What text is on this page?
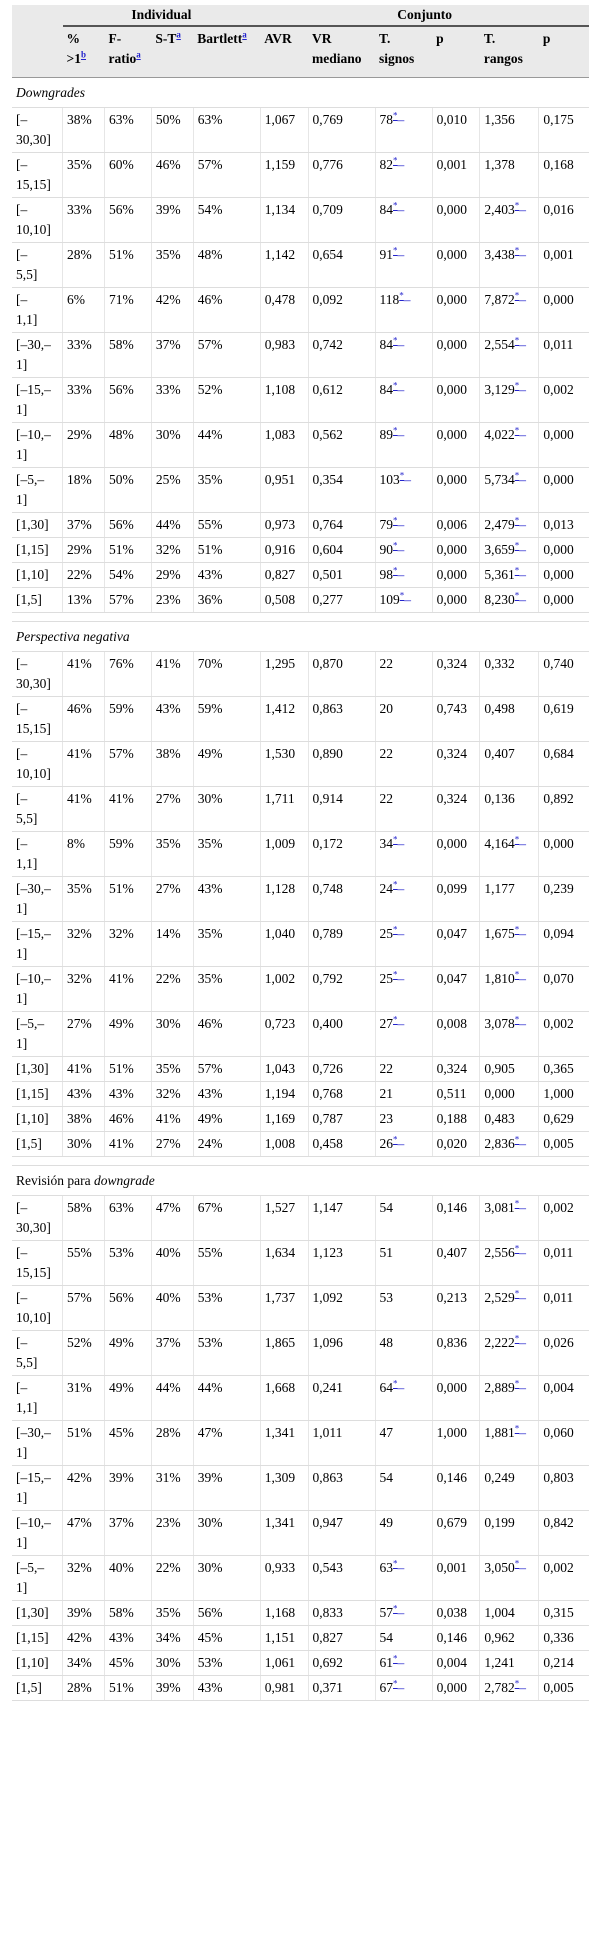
	Individual				Conjunto					
	% $>1^b$	F-ratio$^a$	$S-T^a$	Bartlett$^a$	AVR	VR mediano	T. signos	p	T. rangos	p
Downgrades										
[–
30,30]	38%	63%	50%	63%	1,067	0,769	78*–	0,010	1,356	0,175
[–
15,15]	35%	60%	46%	57%	1,159	0,776	82*–	0,001	1,378	0,168
[–
10,10]	33%	56%	39%	54%	1,134	0,709	84*–	0,000	2,403*–	0,016
[–
5,5]	28%	51%	35%	48%	1,142	0,654	91*–	0,000	3,438*–	0,001
[–
1,1]	6%	71%	42%	46%	0,478	0,092	118*–	0,000	7,872*–	0,000
[–30,–
1]	33%	58%	37%	57%	0,983	0,742	84*–	0,000	2,554*–	0,011
[–15,–
1]	33%	56%	33%	52%	1,108	0,612	84*–	0,000	3,129*–	0,002
[–10,–
1]	29%	48%	30%	44%	1,083	0,562	89*–	0,000	4,022*–	0,000
[–5,–
1]	18%	50%	25%	35%	0,951	0,354	103*–	0,000	5,734*–	0,000
[1,30]	37%	56%	44%	55%	0,973	0,764	79*–	0,006	2,479*–	0,013
[1,15]	29%	51%	32%	51%	0,916	0,604	90*–	0,000	3,659*–	0,000
[1,10]	22%	54%	29%	43%	0,827	0,501	98*–	0,000	5,361*–	0,000
[1,5]	13%	57%	23%	36%	0,508	0,277	109*–	0,000	8,230*–	0,000

Perspectiva negativa										
[–
30,30]	41%	76%	41%	70%	1,295	0,870	22	0,324	0,332	0,740
[–
15,15]	46%	59%	43%	59%	1,412	0,863	20	0,743	0,498	0,619
[–
10,10]	41%	57%	38%	49%	1,530	0,890	22	0,324	0,407	0,684
[–
5,5]	41%	41%	27%	30%	1,711	0,914	22	0,324	0,136	0,892
[–
1,1]	8%	59%	35%	35%	1,009	0,172	34*–	0,000	4,164*–	0,000
[–30,–
1]	35%	51%	27%	43%	1,128	0,748	24*–	0,099	1,177	0,239
[–15,–
1]	32%	32%	14%	35%	1,040	0,789	25*–	0,047	1,675*–	0,094
[–10,–
1]	32%	41%	22%	35%	1,002	0,792	25*–	0,047	1,810*–	0,070
[–5,–
1]	27%	49%	30%	46%	0,723	0,400	27*–	0,008	3,078*–	0,002
[1,30]	41%	51%	35%	57%	1,043	0,726	22	0,324	0,905	0,365
[1,15]	43%	43%	32%	43%	1,194	0,768	21	0,511	0,000	1,000
[1,10]	38%	46%	41%	49%	1,169	0,787	23	0,188	0,483	0,629
[1,5]	30%	41%	27%	24%	1,008	0,458	26*–	0,020	2,836*–	0,005

Revisión para downgrade										
[–
30,30]	58%	63%	47%	67%	1,527	1,147	54	0,146	3,081*–	0,002
[–
15,15]	55%	53%	40%	55%	1,634	1,123	51	0,407	2,556*–	0,011
[–
10,10]	57%	56%	40%	53%	1,737	1,092	53	0,213	2,529*–	0,011
[–
5,5]	52%	49%	37%	53%	1,865	1,096	48	0,836	2,222*–	0,026
[–
1,1]	31%	49%	44%	44%	1,668	0,241	64*–	0,000	2,889*–	0,004
[–30,–
1]	51%	45%	28%	47%	1,341	1,011	47	1,000	1,881*–	0,060
[–15,–
1]	42%	39%	31%	39%	1,309	0,863	54	0,146	0,249	0,803
[–10,–
1]	47%	37%	23%	30%	1,341	0,947	49	0,679	0,199	0,842
[–5,–
1]	32%	40%	22%	30%	0,933	0,543	63*–	0,001	3,050*–	0,002
[1,30]	39%	58%	35%	56%	1,168	0,833	57*–	0,038	1,004	0,315
[1,15]	42%	43%	34%	45%	1,151	0,827	54	0,146	0,962	0,336
[1,10]	34%	45%	30%	53%	1,061	0,692	61*–	0,004	1,241	0,214
[1,5]	28%	51%	39%	43%	0,981	0,371	67*–	0,000	2,782*–	0,005
